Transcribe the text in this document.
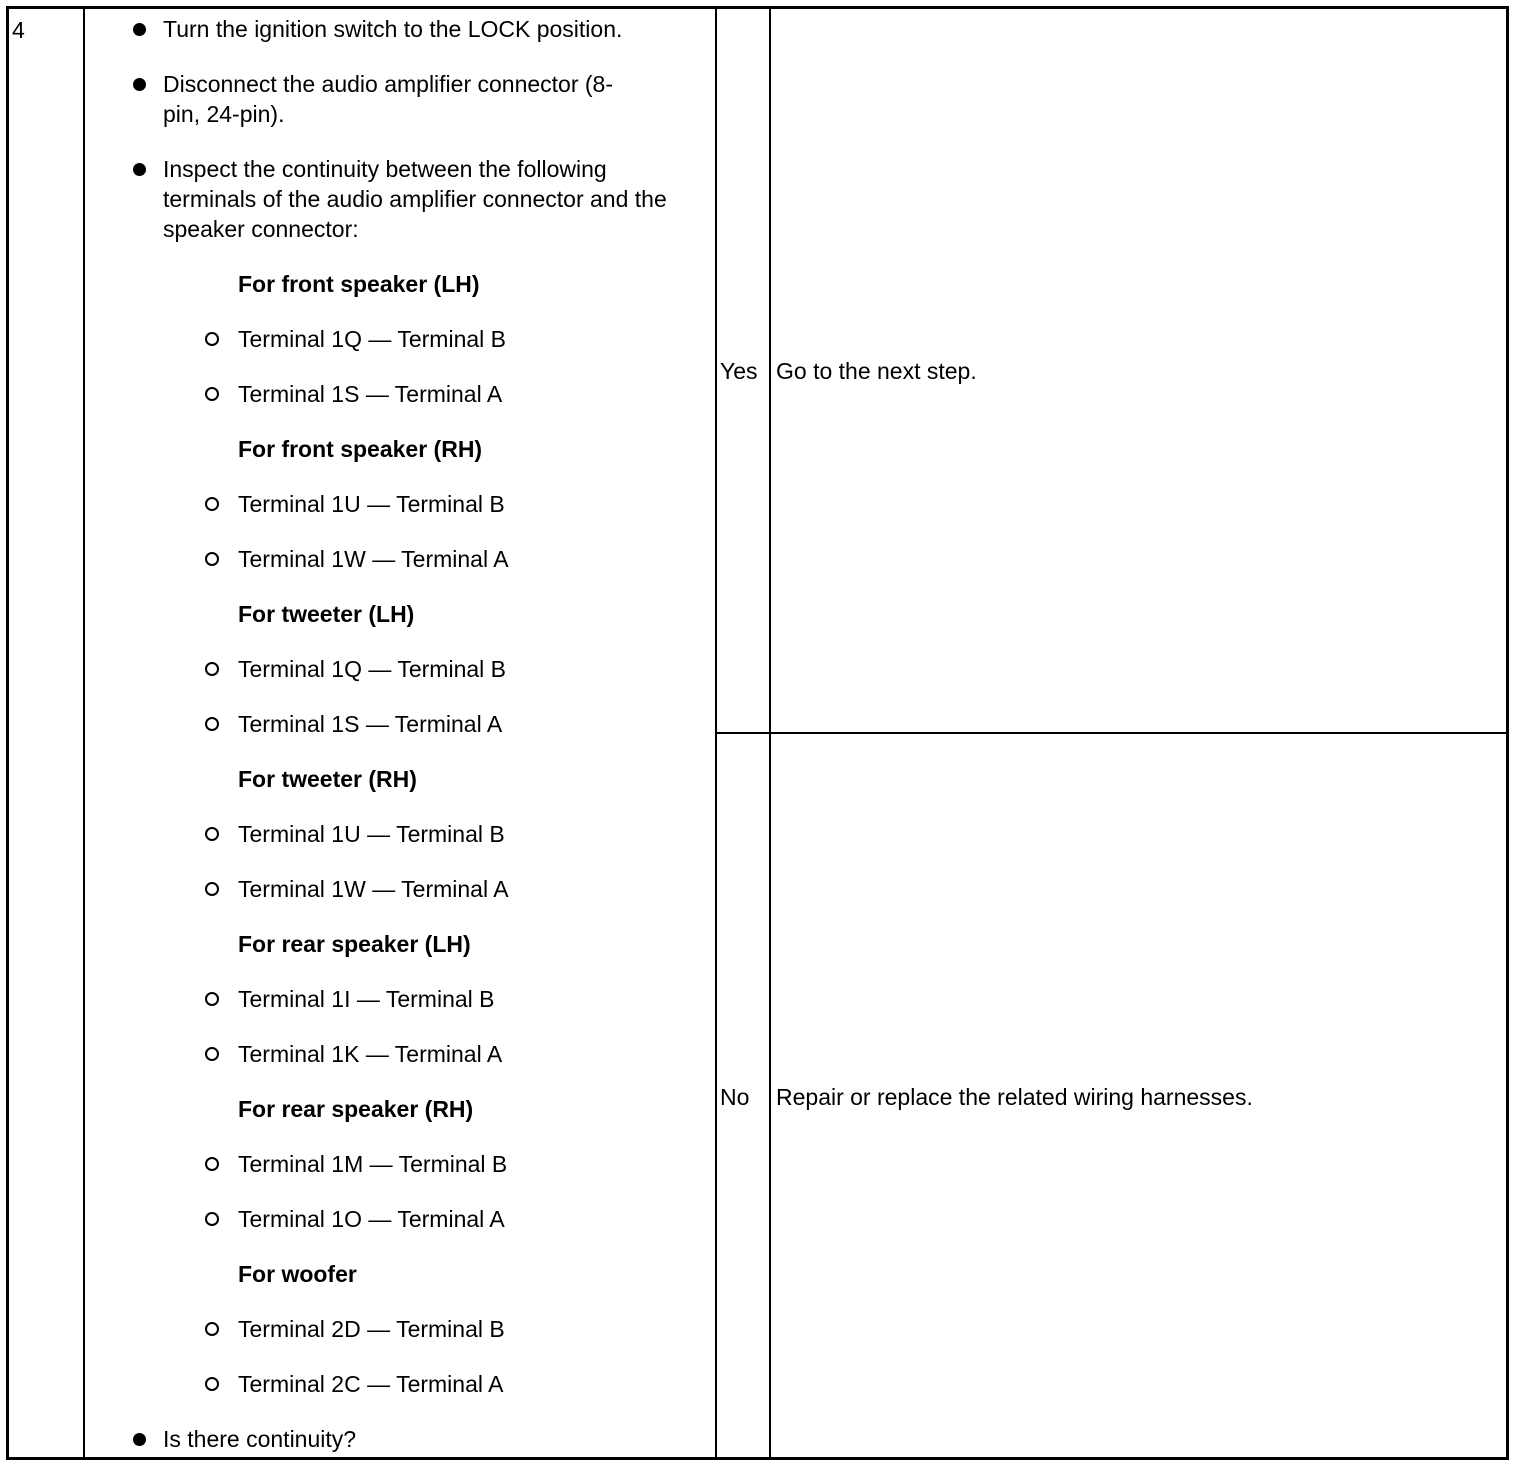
4	Turn the ignition switch to the LOCK position.
Disconnect the audio amplifier connector (8-pin, 24-pin).
Inspect the continuity between the following terminals of the audio amplifier connector and the speaker connector:
For front speaker (LH)
Terminal 1Q — Terminal B
Terminal 1S — Terminal A
For front speaker (RH)
Terminal 1U — Terminal B
Terminal 1W — Terminal A
For tweeter (LH)
Terminal 1Q — Terminal B
Terminal 1S — Terminal A
For tweeter (RH)
Terminal 1U — Terminal B
Terminal 1W — Terminal A
For rear speaker (LH)
Terminal 1I — Terminal B
Terminal 1K — Terminal A
For rear speaker (RH)
Terminal 1M — Terminal B
Terminal 1O — Terminal A
For woofer
Terminal 2D — Terminal B
Terminal 2C — Terminal A
Is there continuity?
Yes Go to the next step.
No Repair or replace the related wiring harnesses.
